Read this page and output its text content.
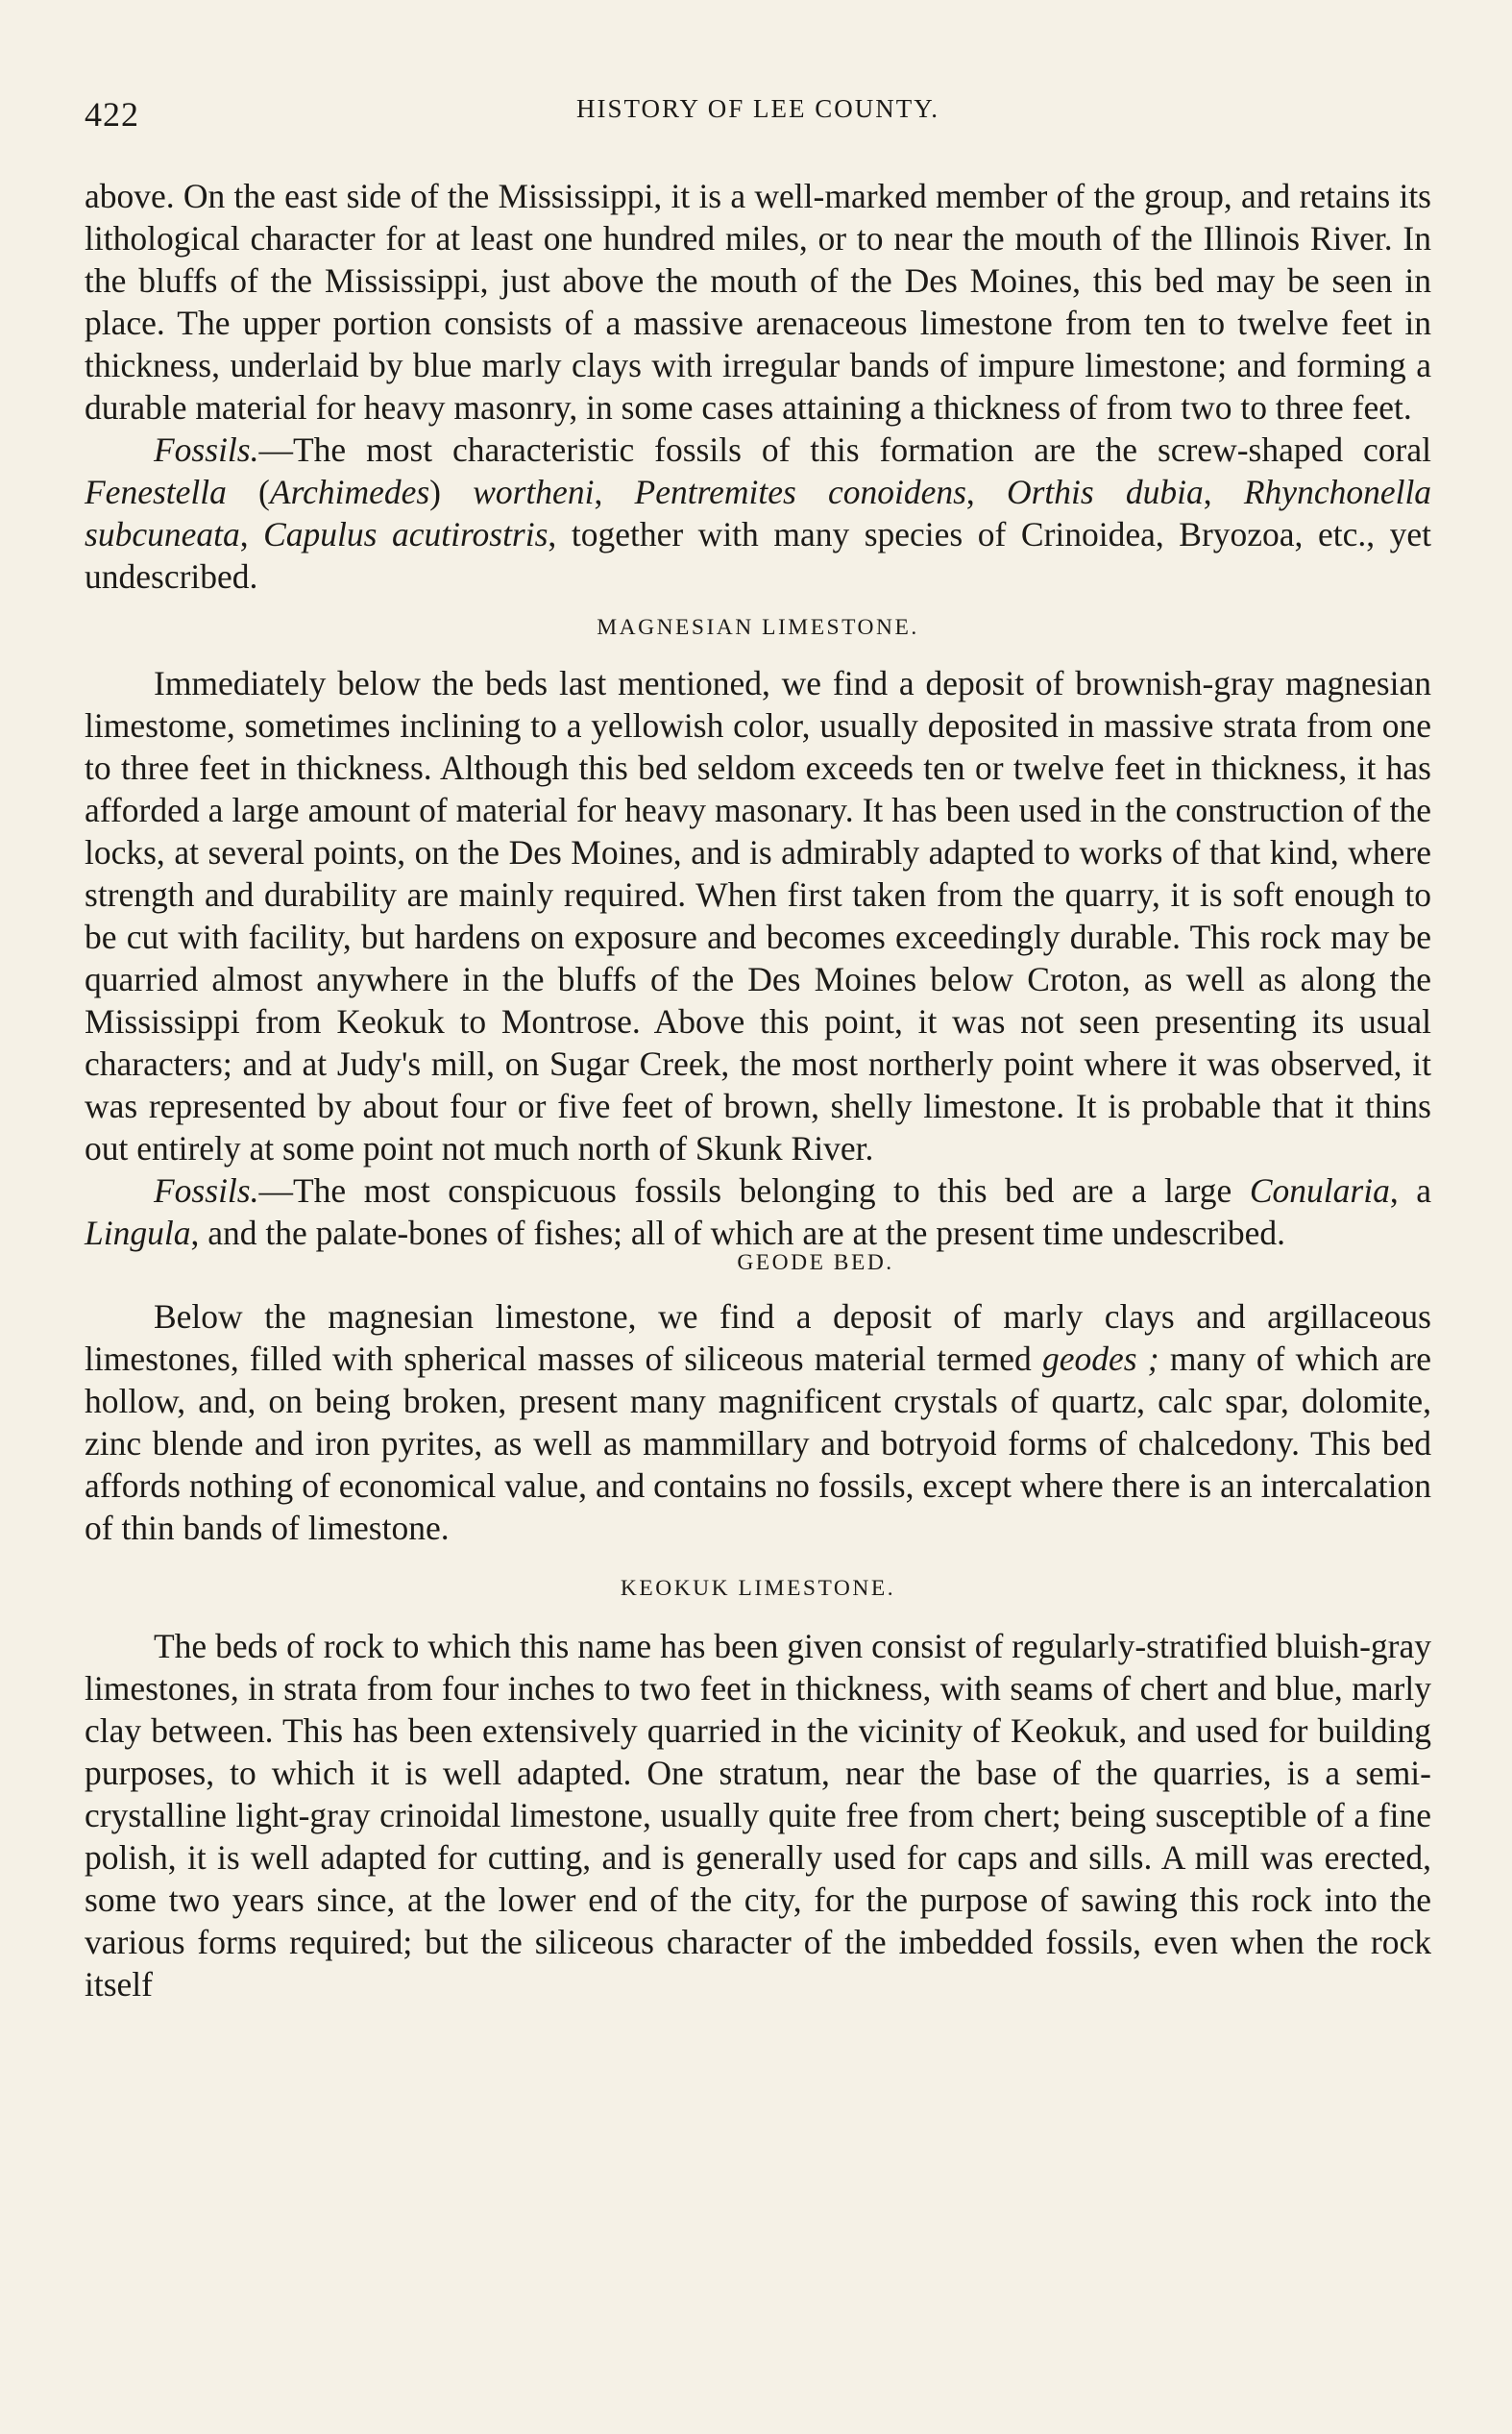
422	HISTORY OF LEE COUNTY.

above. On the east side of the Mississippi, it is a well-marked member of the group, and retains its lithological character for at least one hundred miles, or to near the mouth of the Illinois River. In the bluffs of the Mississippi, just above the mouth of the Des Moines, this bed may be seen in place. The upper portion consists of a massive arenaceous limestone from ten to twelve feet in thickness, underlaid by blue marly clays with irregular bands of impure limestone; and forming a durable material for heavy masonry, in some cases attaining a thickness of from two to three feet.

Fossils.—The most characteristic fossils of this formation are the screw-shaped coral Fenestella (Archimedes) wortheni, Pentremites conoidens, Orthis dubia, Rhynchonella subcuneata, Capulus acutirostris, together with many species of Crinoidea, Bryozoa, etc., yet undescribed.

MAGNESIAN LIMESTONE.

Immediately below the beds last mentioned, we find a deposit of brownish-gray magnesian limestome, sometimes inclining to a yellowish color, usually deposited in massive strata from one to three feet in thickness. Although this bed seldom exceeds ten or twelve feet in thickness, it has afforded a large amount of material for heavy masonary. It has been used in the construction of the locks, at several points, on the Des Moines, and is admirably adapted to works of that kind, where strength and durability are mainly required. When first taken from the quarry, it is soft enough to be cut with facility, but hardens on exposure and becomes exceedingly durable. This rock may be quarried almost anywhere in the bluffs of the Des Moines below Croton, as well as along the Mississippi from Keokuk to Montrose. Above this point, it was not seen presenting its usual characters; and at Judy's mill, on Sugar Creek, the most northerly point where it was observed, it was represented by about four or five feet of brown, shelly limestone. It is probable that it thins out entirely at some point not much north of Skunk River.

Fossils.—The most conspicuous fossils belonging to this bed are a large Conularia, a Lingula, and the palate-bones of fishes; all of which are at the present time undescribed.

GEODE BED.

Below the magnesian limestone, we find a deposit of marly clays and argillaceous limestones, filled with spherical masses of siliceous material termed geodes ; many of which are hollow, and, on being broken, present many magnificent crystals of quartz, calc spar, dolomite, zinc blende and iron pyrites, as well as mammillary and botryoid forms of chalcedony. This bed affords nothing of economical value, and contains no fossils, except where there is an intercalation of thin bands of limestone.

KEOKUK LIMESTONE.

The beds of rock to which this name has been given consist of regularly-stratified bluish-gray limestones, in strata from four inches to two feet in thickness, with seams of chert and blue, marly clay between. This has been extensively quarried in the vicinity of Keokuk, and used for building purposes, to which it is well adapted. One stratum, near the base of the quarries, is a semi-crystalline light-gray crinoidal limestone, usually quite free from chert; being susceptible of a fine polish, it is well adapted for cutting, and is generally used for caps and sills. A mill was erected, some two years since, at the lower end of the city, for the purpose of sawing this rock into the various forms required; but the siliceous character of the imbedded fossils, even when the rock itself
